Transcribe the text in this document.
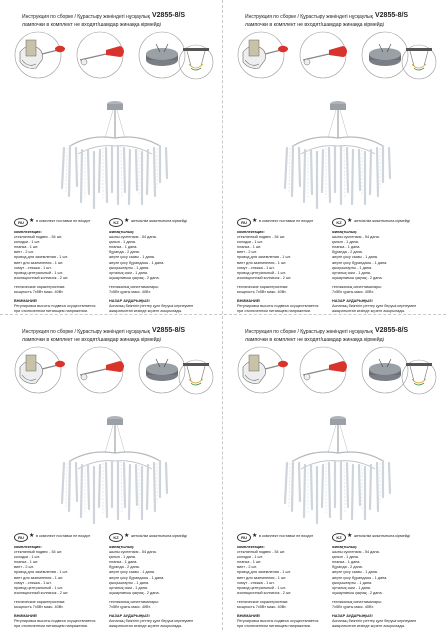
Инструкция по сборке / Құрастыру жөніндегі нұсқаулық V2855-8/S
лампочки в комплект не входят/шамдар жинаққа кірмейді
RU ★ в комплект поставки не входят	KZ ★ жеткізілім жиынтығына кірмейді
комплектация:
стеклянный подвес - 54 шт.
колодки - 1 шт.
планка - 1 шт.
винт - 2 шт.
провод для заземления - 1 шт.
винт для заземления - 1 шт.
хомут - стяжка - 1 шт.
провод центральный - 1 шт.
изоляционный колпачок - 2 шт.
технические характеристики:
мощность 7x5Вт макс. 40Вт.
ВНИМАНИЕ!
Регулировка высоты подвеса осуществляется
при отключенном питающем напряжении.
жинақтылық:
шыны суспензия - 54 дана.
қалып - 1 дана.
планка - 1 дана.
бұранда - 2 дана.
жерге қосу сымы - 1 дана.
жерге қосу бұрандасы - 1 дана.
қысқыштарты - 1 дана.
орталық сым - 1 дана.
оқшаулағыш қақпақ - 2 дана.
техникалық сипаттамалары:
7x5Вт қуаты макс. 40Вт.
НАЗАР АУДАРЫҢЫЗ!
Аспаның биіктігін реттеу қуат беруші кернеумен
ажыратылған кезінде жүзеге асырылады.
Инструкция по сборке / Құрастыру жөніндегі нұсқаулық V2855-8/S
лампочки в комплект не входят/шамдар жинаққа кірмейді
RU ★ в комплект поставки не входят	KZ ★ жеткізілім жиынтығына кірмейді
комплектация:
стеклянный подвес - 54 шт.
колодки - 1 шт.
планка - 1 шт.
винт - 2 шт.
провод для заземления - 1 шт.
винт для заземления - 1 шт.
хомут - стяжка - 1 шт.
провод центральный - 1 шт.
изоляционный колпачок - 2 шт.
технические характеристики:
мощность 7x5Вт макс. 40Вт.
ВНИМАНИЕ!
Регулировка высоты подвеса осуществляется
при отключенном питающем напряжении.
жинақтылық:
шыны суспензия - 54 дана.
қалып - 1 дана.
планка - 1 дана.
бұранда - 2 дана.
жерге қосу сымы - 1 дана.
жерге қосу бұрандасы - 1 дана.
қысқыштарты - 1 дана.
орталық сым - 1 дана.
оқшаулағыш қақпақ - 2 дана.
техникалық сипаттамалары:
7x5Вт қуаты макс. 40Вт.
НАЗАР АУДАРЫҢЫЗ!
Аспаның биіктігін реттеу қуат беруші кернеумен
ажыратылған кезінде жүзеге асырылады.
Инструкция по сборке / Құрастыру жөніндегі нұсқаулық V2855-8/S
лампочки в комплект не входят/шамдар жинаққа кірмейді
RU ★ в комплект поставки не входят	KZ ★ жеткізілім жиынтығына кірмейді
комплектация:
стеклянный подвес - 54 шт.
колодки - 1 шт.
планка - 1 шт.
винт - 2 шт.
провод для заземления - 1 шт.
винт для заземления - 1 шт.
хомут - стяжка - 1 шт.
провод центральный - 1 шт.
изоляционный колпачок - 2 шт.
технические характеристики:
мощность 7x5Вт макс. 40Вт.
ВНИМАНИЕ!
Регулировка высоты подвеса осуществляется
при отключенном питающем напряжении.
жинақтылық:
шыны суспензия - 54 дана.
қалып - 1 дана.
планка - 1 дана.
бұранда - 2 дана.
жерге қосу сымы - 1 дана.
жерге қосу бұрандасы - 1 дана.
қысқыштарты - 1 дана.
орталық сым - 1 дана.
оқшаулағыш қақпақ - 2 дана.
техникалық сипаттамалары:
7x5Вт қуаты макс. 40Вт.
НАЗАР АУДАРЫҢЫЗ!
Аспаның биіктігін реттеу қуат беруші кернеумен
ажыратылған кезінде жүзеге асырылады.
Инструкция по сборке / Құрастыру жөніндегі нұсқаулық V2855-8/S
лампочки в комплект не входят/шамдар жинаққа кірмейді
RU ★ в комплект поставки не входят	KZ ★ жеткізілім жиынтығына кірмейді
комплектация:
стеклянный подвес - 54 шт.
колодки - 1 шт.
планка - 1 шт.
винт - 2 шт.
провод для заземления - 1 шт.
винт для заземления - 1 шт.
хомут - стяжка - 1 шт.
провод центральный - 1 шт.
изоляционный колпачок - 2 шт.
технические характеристики:
мощность 7x5Вт макс. 40Вт.
ВНИМАНИЕ!
Регулировка высоты подвеса осуществляется
при отключенном питающем напряжении.
жинақтылық:
шыны суспензия - 54 дана.
қалып - 1 дана.
планка - 1 дана.
бұранда - 2 дана.
жерге қосу сымы - 1 дана.
жерге қосу бұрандасы - 1 дана.
қысқыштарты - 1 дана.
орталық сым - 1 дана.
оқшаулағыш қақпақ - 2 дана.
техникалық сипаттамалары:
7x5Вт қуаты макс. 40Вт.
НАЗАР АУДАРЫҢЫЗ!
Аспаның биіктігін реттеу қуат беруші кернеумен
ажыратылған кезінде жүзеге асырылады.
